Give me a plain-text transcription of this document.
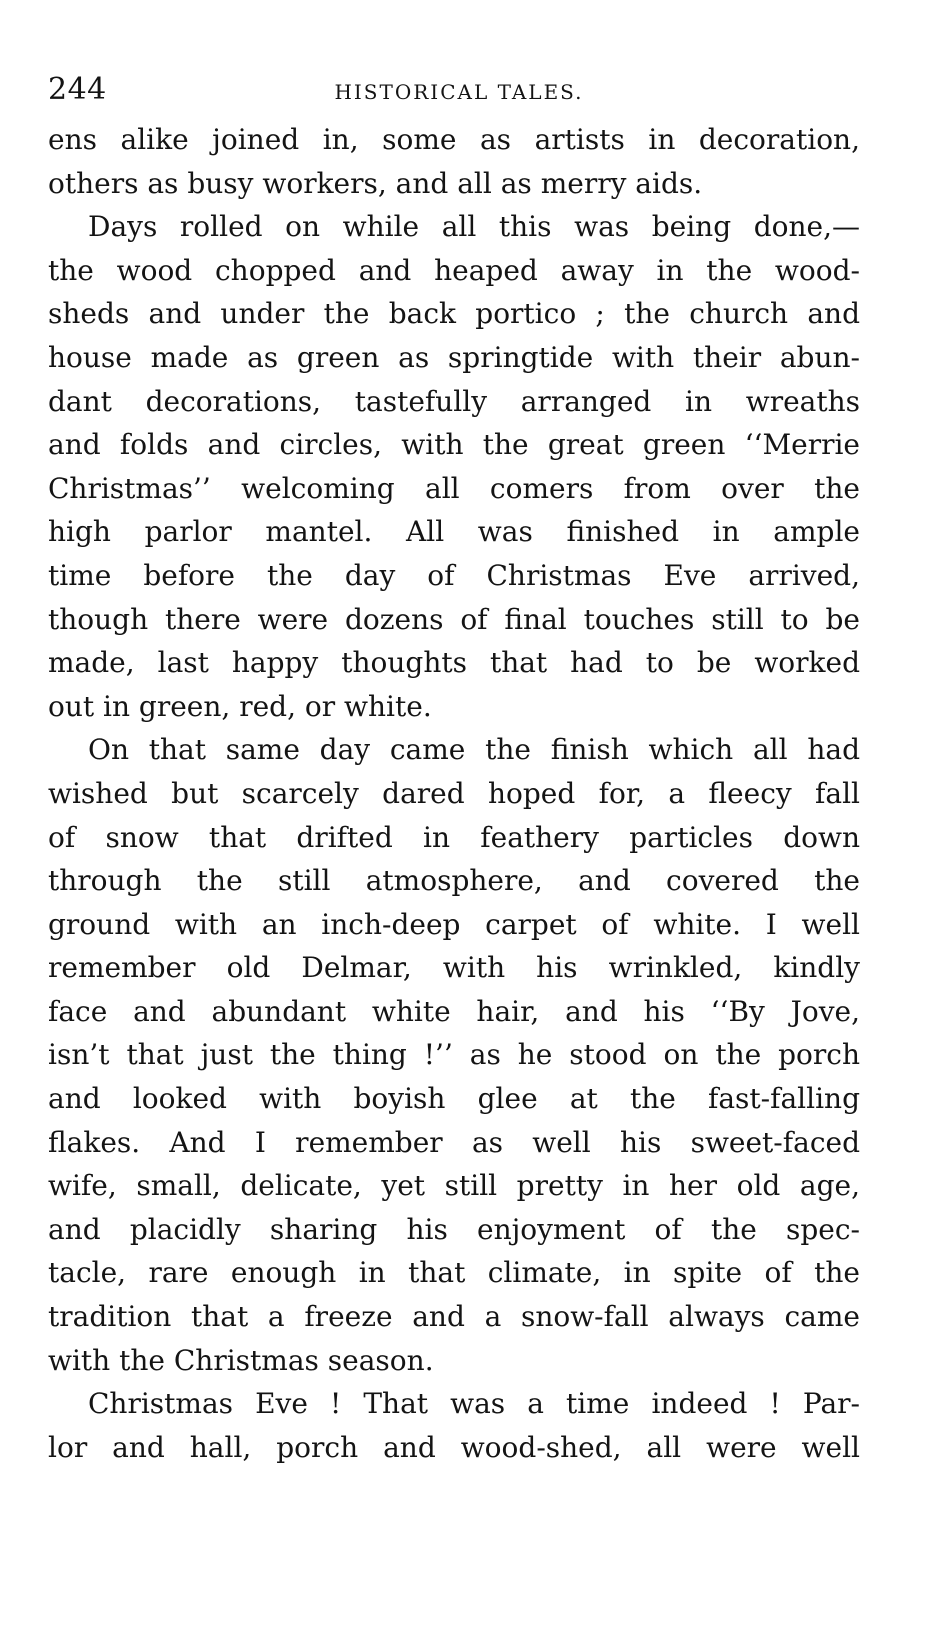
244	HISTORICAL TALES.

ens alike joined in, some as artists in decoration,
others as busy workers, and all as merry aids.

Days rolled on while all this was being done,—
the wood chopped and heaped away in the wood-
sheds and under the back portico ; the church and
house made as green as springtide with their abun-
dant decorations, tastefully arranged in wreaths
and folds and circles, with the great green ‘‘Merrie
Christmas’’ welcoming all comers from over the
high parlor mantel. All was finished in ample
time before the day of Christmas Eve arrived,
though there were dozens of final touches still to be
made, last happy thoughts that had to be worked
out in green, red, or white.

On that same day came the finish which all had
wished but scarcely dared hoped for, a fleecy fall
of snow that drifted in feathery particles down
through the still atmosphere, and covered the
ground with an inch-deep carpet of white. I well
remember old Delmar, with his wrinkled, kindly
face and abundant white hair, and his ‘‘By Jove,
isn’t that just the thing !’’ as he stood on the porch
and looked with boyish glee at the fast-falling
flakes. And I remember as well his sweet-faced
wife, small, delicate, yet still pretty in her old age,
and placidly sharing his enjoyment of the spec-
tacle, rare enough in that climate, in spite of the
tradition that a freeze and a snow-fall always came
with the Christmas season.

Christmas Eve ! That was a time indeed ! Par-
lor and hall, porch and wood-shed, all were well
